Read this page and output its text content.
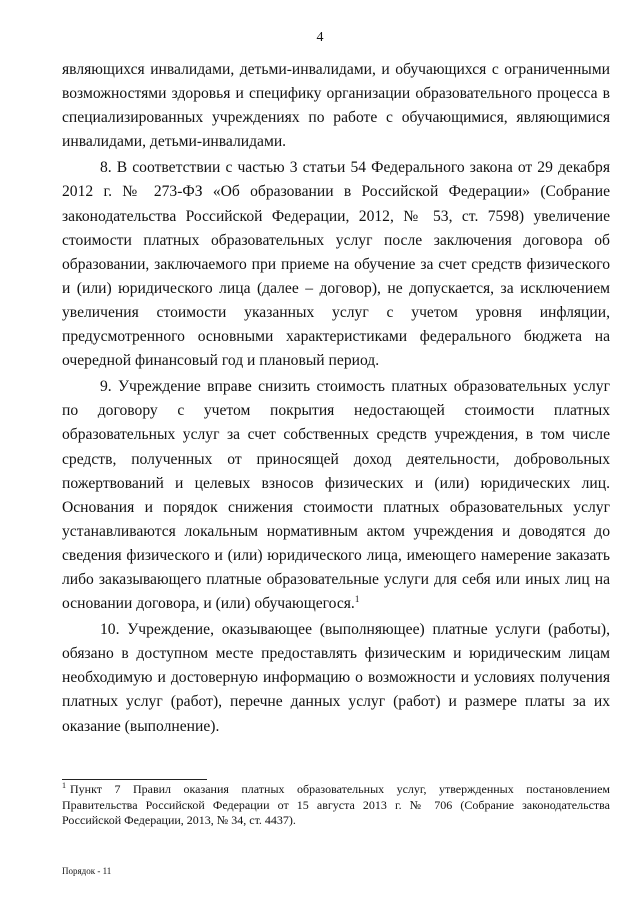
4

являющихся инвалидами, детьми-инвалидами, и обучающихся с ограниченными возможностями здоровья и специфику организации образовательного процесса в специализированных учреждениях по работе с обучающимися, являющимися инвалидами, детьми-инвалидами.

8. В соответствии с частью 3 статьи 54 Федерального закона от 29 декабря 2012 г. № 273-ФЗ «Об образовании в Российской Федерации» (Собрание законодательства Российской Федерации, 2012, № 53, ст. 7598) увеличение стоимости платных образовательных услуг после заключения договора об образовании, заключаемого при приеме на обучение за счет средств физического и (или) юридического лица (далее – договор), не допускается, за исключением увеличения стоимости указанных услуг с учетом уровня инфляции, предусмотренного основными характеристиками федерального бюджета на очередной финансовый год и плановый период.

9. Учреждение вправе снизить стоимость платных образовательных услуг по договору с учетом покрытия недостающей стоимости платных образовательных услуг за счет собственных средств учреждения, в том числе средств, полученных от приносящей доход деятельности, добровольных пожертвований и целевых взносов физических и (или) юридических лиц. Основания и порядок снижения стоимости платных образовательных услуг устанавливаются локальным нормативным актом учреждения и доводятся до сведения физического и (или) юридического лица, имеющего намерение заказать либо заказывающего платные образовательные услуги для себя или иных лиц на основании договора, и (или) обучающегося.$^1$

10. Учреждение, оказывающее (выполняющее) платные услуги (работы), обязано в доступном месте предоставлять физическим и юридическим лицам необходимую и достоверную информацию о возможности и условиях получения платных услуг (работ), перечне данных услуг (работ) и размере платы за их оказание (выполнение).

$^1$ Пункт 7 Правил оказания платных образовательных услуг, утвержденных постановлением Правительства Российской Федерации от 15 августа 2013 г. № 706 (Собрание законодательства Российской Федерации, 2013, № 34, ст. 4437).
Порядок - 11
